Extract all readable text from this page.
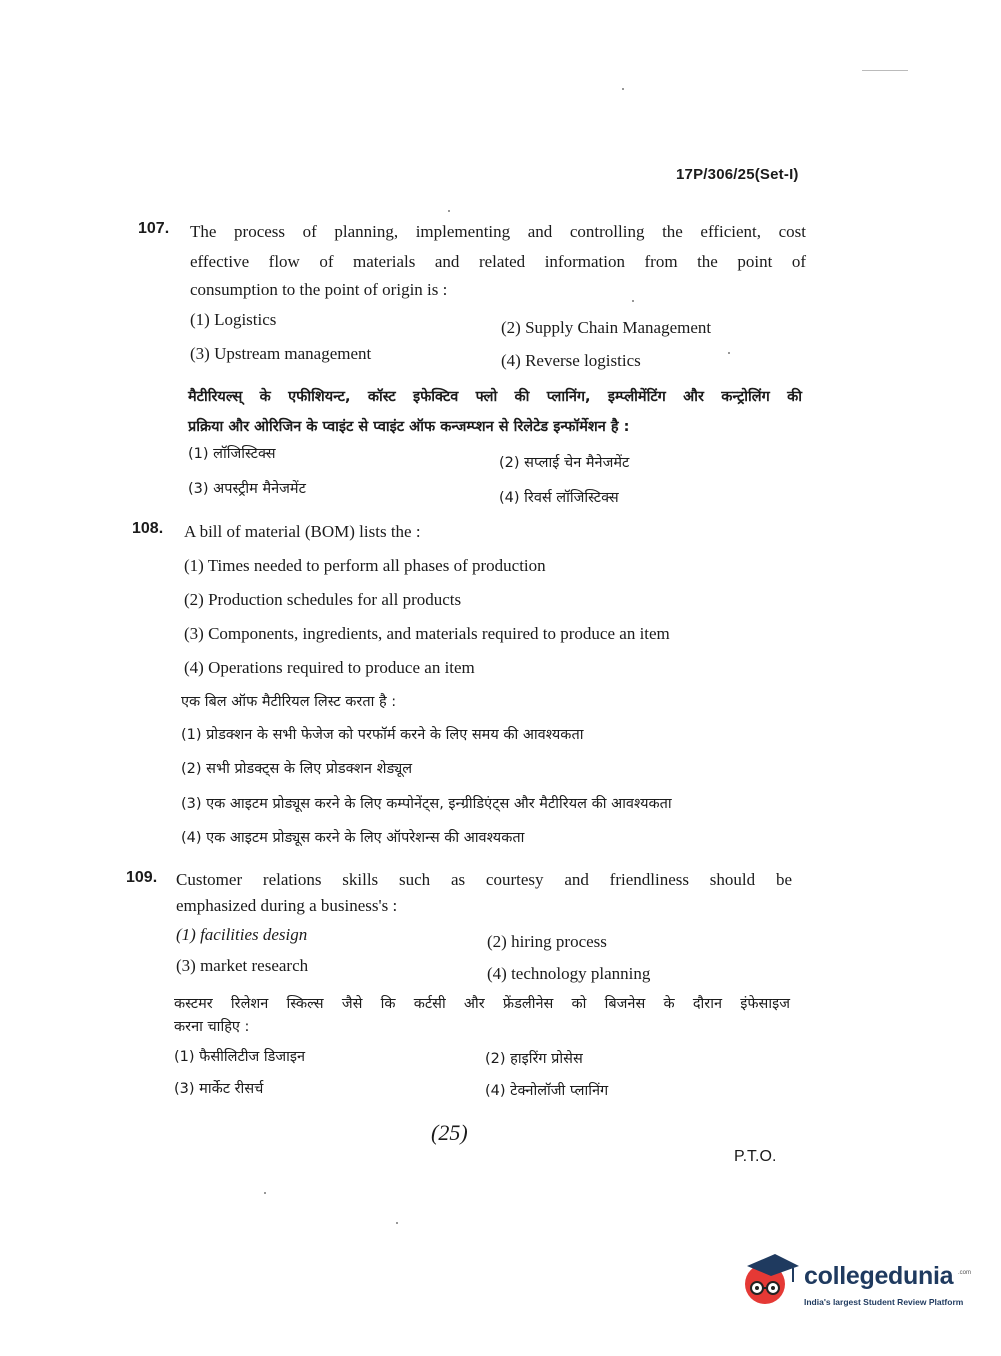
17P/306/25(Set-I)
107. The process of planning, implementing and controlling the efficient, cost
effective flow of materials and related information from the point of
consumption to the point of origin is :
(1) Logistics	(2) Supply Chain Management
(3) Upstream management	(4) Reverse logistics
मैटीरियल्स् के एफीशियन्ट, कॉस्ट इफेक्टिव फ्लो की प्लानिंग, इम्प्लीमेंटिंग और कन्ट्रोलिंग की
प्रक्रिया और ओरिजिन के प्वाइंट से प्वाइंट ऑफ कन्जम्प्शन से रिलेटेड इन्फॉर्मेशन है :
(1) लॉजिस्टिक्स
(2) सप्लाई चेन मैनेजमेंट
(3) अपस्ट्रीम मैनेजमेंट
(4) रिवर्स लॉजिस्टिक्स
108. A bill of material (BOM) lists the :
(1) Times needed to perform all phases of production
(2) Production schedules for all products
(3) Components, ingredients, and materials required to produce an item
(4) Operations required to produce an item
एक बिल ऑफ मैटीरियल लिस्ट करता है :
(1) प्रोडक्शन के सभी फेजेज को परफॉर्म करने के लिए समय की आवश्यकता
(2) सभी प्रोडक्ट्स के लिए प्रोडक्शन शेड्यूल
(3) एक आइटम प्रोड्यूस करने के लिए कम्पोनेंट्स, इन्ग्रीडिएंट्स और मैटीरियल की आवश्यकता
(4) एक आइटम प्रोड्यूस करने के लिए ऑपरेशन्स की आवश्यकता
109. Customer relations skills such as courtesy and friendliness should be
emphasized during a business's :
(1) facilities design	(2) hiring process
(3) market research	(4) technology planning
कस्टमर रिलेशन स्किल्स जैसे कि कर्टसी और फ्रेंडलीनेस को बिजनेस के दौरान इंफेसाइज
करना चाहिए :
(1) फैसीलिटीज डिजाइन	(2) हाइरिंग प्रोसेस
(3) मार्केट रीसर्च	(4) टेक्नोलॉजी प्लानिंग
(25)
P.T.O.
collegedunia .com
India's largest Student Review Platform
